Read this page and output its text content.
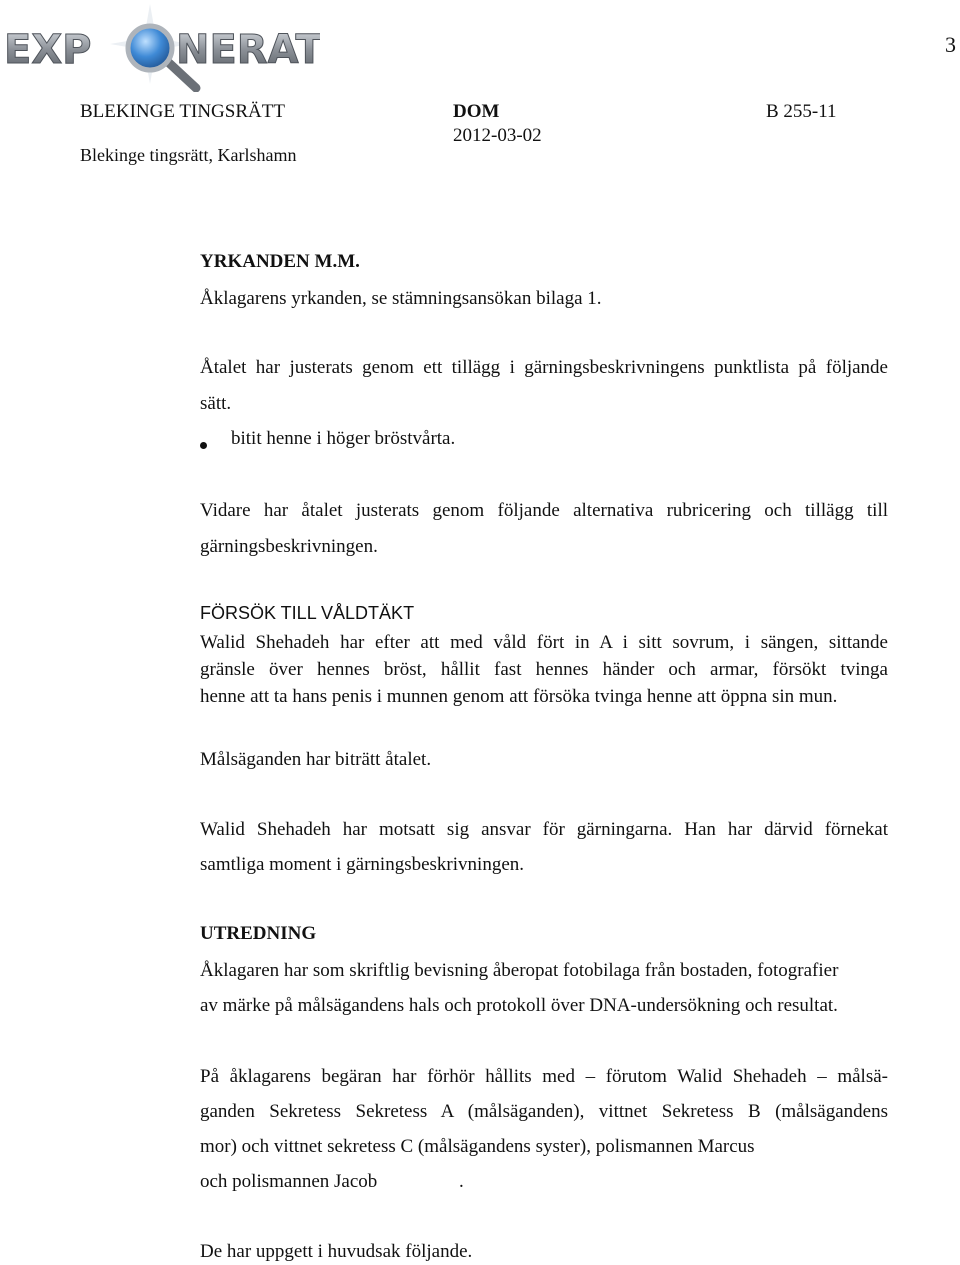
EXP NERAT	3
BLEKINGE TINGSRÄTT	DOM	B 255-11
2012-03-02
Blekinge tingsrätt, Karlshamn
YRKANDEN M.M.
Åklagarens yrkanden, se stämningsansökan bilaga 1.
Åtalet har justerats genom ett tillägg i gärningsbeskrivningens punktlista på följande
sätt.
bitit henne i höger bröstvårta.
Vidare har åtalet justerats genom följande alternativa rubricering och tillägg till
gärningsbeskrivningen.
FÖRSÖK TILL VÅLDTÄKT
Walid Shehadeh har efter att med våld fört in A i sitt sovrum, i sängen, sittande
gränsle över hennes bröst, hållit fast hennes händer och armar, försökt tvinga
henne att ta hans penis i munnen genom att försöka tvinga henne att öppna sin mun.
Målsäganden har biträtt åtalet.
Walid Shehadeh har motsatt sig ansvar för gärningarna. Han har därvid förnekat
samtliga moment i gärningsbeskrivningen.
UTREDNING
Åklagaren har som skriftlig bevisning åberopat fotobilaga från bostaden, fotografier
av märke på målsägandens hals och protokoll över DNA-undersökning och resultat.
På åklagarens begäran har förhör hållits med – förutom Walid Shehadeh – målsä-
ganden Sekretess Sekretess A (målsäganden), vittnet Sekretess B (målsägandens
mor) och vittnet sekretess C (målsägandens syster), polismannen Marcus
och polismannen Jacob	.
De har uppgett i huvudsak följande.
